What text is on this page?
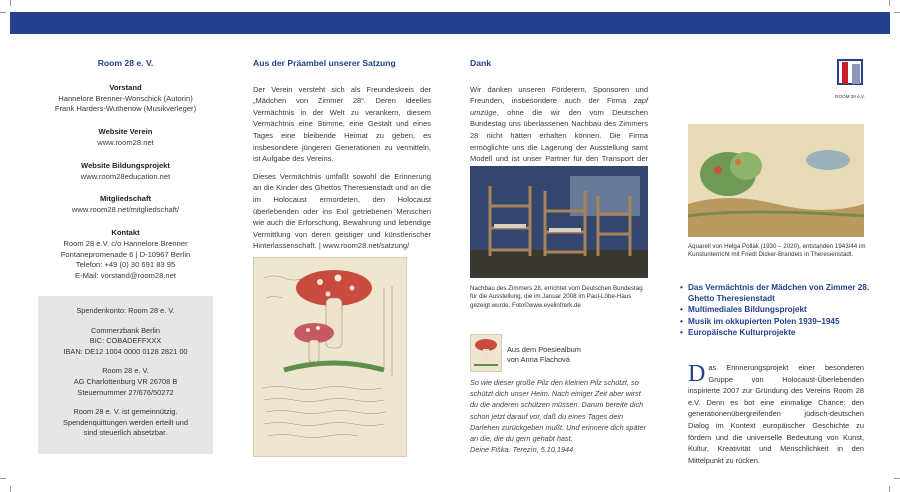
Room 28 e. V.
Vorstand
Hannelore Brenner-Wonschick (Autorin)
Frank Harders-Wuthenow (Musikverleger)
Website Verein
www.room28.net
Website Bildungsprojekt
www.room28education.net
Mitgliedschaft
www.room28.net/mitgliedschaft/
Kontakt
Room 28 e.V. c/o Hannelore Brenner
Fontanepromenade 6 | D-10967 Berlin
Telefon: +49 (0) 30 691 83 95
E-Mail: vorstand@room28.net

Spendenkonto: Room 28 e. V.

Commerzbank Berlin
BIC: COBADEFFXXX
IBAN: DE12 1004 0000 0128 2821 00

Room 28 e. V.
AG Charlottenburg VR 26708 B
Steuernummer 27/676/50272

Room 28 e. V. ist gemeinnützig.
Spendenquittungen werden erteilt und
sind steuerlich absetzbar.

Aus der Präambel unserer Satzung

Der Verein versteht sich als Freundeskreis der „Mädchen von Zimmer 28“. Deren ideelles Vermächtnis in der Welt zu verankern, diesem Vermächtnis eine Stimme, eine Gestalt und eines Tages eine bleibende Heimat zu geben, es insbesondere jüngeren Generationen zu vermitteln, ist Aufgabe des Vereins.

Dieses Vermächtnis umfaßt sowohl die Erinnerung an die Kinder des Ghettos Theresienstadt und an die im Holocaust ermordeten, den Holocaust überlebenden oder ins Exil getriebenen Menschen wie auch die Erforschung, Bewahrung und lebendige Vermittlung von deren geistiger und künstlerischer Hinterlassenschaft. | www.room28.net/satzung/

Dank

Wir danken unseren Förderern, Sponsoren und Freunden, insbesondere auch der Firma zapf umzüge, ohne die wir den vom Deutschen Bundestag uns überlassenen Nachbau des Zimmers 28 nicht hätten erhalten können. Die Firma ermöglichte uns die Lagerung der Ausstellung samt Modell und ist unser Partner für den Transport der

Nachbau des Zimmers 28, errichtet vom Deutschen Bundestag für die Ausstellung, die im Januar 2008 im Paul-Löbe-Haus gezeigt wurde. Foto©www.evelinfrerk.de
Aus dem Poesiealbum
von Anna Flachová
So wie dieser große Pilz den kleinen Pilz schützt, so schützt dich unser Heim. Nach einiger Zeit aber wirst du die anderen schützen müssen. Darum bereite dich schon jetzt darauf vor, daß du eines Tages dein Darlehen zurückgeben mußt. Und erinnere dich später an die, die du gern gehabt hast.
Deine Fiška. Terezín, 5.10.1944
ROOM 28 e.V.
Aquarell von Helga Pollak (1930 – 2020), entstanden 1943/44 im Kunstunterricht mit Friedl Dicker-Brandeis in Theresienstadt.
• Das Vermächtnis der Mädchen von Zimmer 28. Ghetto Theresienstadt
• Multimediales Bildungsprojekt
• Musik im okkupierten Polen 1939–1945
• Europäische Kulturprojekte
Das Erinnerungsprojekt einer besonderen Gruppe von Holocaust-Überlebenden inspirierte 2007 zur Gründung des Vereins Room 28 e.V. Denn es bot eine einmalige Chance: den generationenübergreifenden jüdisch-deutschen Dialog im Kontext europäischer Geschichte zu fördern und die universelle Bedeutung von Kunst, Kultur, Kreativität und Menschlichkeit in den Mittelpunkt zu rücken.
